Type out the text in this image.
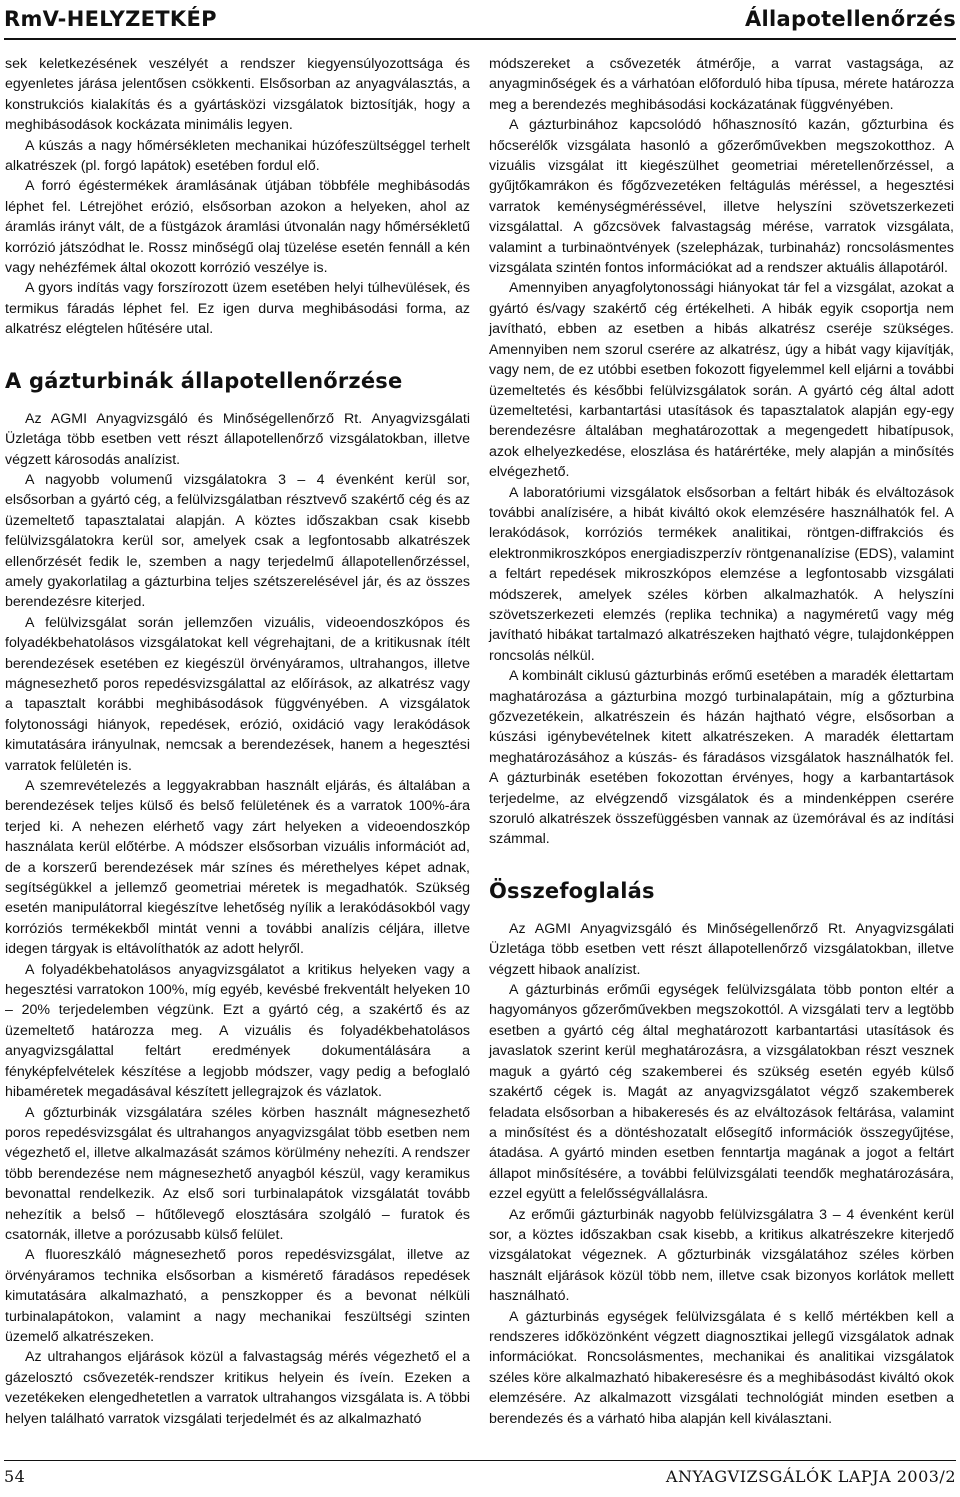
RmV-HELYZETKÉP	Állapotellenőrzés

sek keletkezésének veszélyét a rendszer kiegyensúlyozottsága és egyenletes járása jelentősen csökkenti. Elsősorban az anyagválasztás, a konstrukciós kialakítás és a gyártásközi vizsgálatok biztosítják, hogy a meghibásodások kockázata minimális legyen.

A kúszás a nagy hőmérsékleten mechanikai húzófeszültséggel terhelt alkatrészek (pl. forgó lapátok) esetében fordul elő.

A forró égéstermékek áramlásának útjában többféle meghibásodás léphet fel. Létrejöhet erózió, elsősorban azokon a helyeken, ahol az áramlás irányt vált, de a füstgázok áramlási útvonalán nagy hőmérsékletű korrózió játszódhat le. Rossz minőségű olaj tüzelése esetén fennáll a kén vagy nehézfémek által okozott korrózió veszélye is.

A gyors indítás vagy forszírozott üzem esetében helyi túlhevülések, és termikus fáradás léphet fel. Ez igen durva meghibásodási forma, az alkatrész elégtelen hűtésére utal.

A gázturbinák állapotellenőrzése

Az AGMI Anyagvizsgáló és Minőségellenőrző Rt. Anyagvizsgálati Üzletága több esetben vett részt állapotellenőrző vizsgálatokban, illetve végzett károsodás analízist.

A nagyobb volumenű vizsgálatokra 3 – 4 évenként kerül sor, elsősorban a gyártó cég, a felülvizsgálatban résztvevő szakértő cég és az üzemeltető tapasztalatai alapján. A köztes időszakban csak kisebb felülvizsgálatokra kerül sor, amelyek csak a legfontosabb alkatrészek ellenőrzését fedik le, szemben a nagy terjedelmű állapotellenőrzéssel, amely gyakorlatilag a gázturbina teljes szétszerelésével jár, és az összes berendezésre kiterjed.

A felülvizsgálat során jellemzően vizuális, videoendoszkópos és folyadékbehatolásos vizsgálatokat kell végrehajtani, de a kritikusnak ítélt berendezések esetében ez kiegészül örvényáramos, ultrahangos, illetve mágnesezhető poros repedésvizsgálattal az előírások, az alkatrész vagy a tapasztalt korábbi meghibásodások függvényében. A vizsgálatok folytonossági hiányok, repedések, erózió, oxidáció vagy lerakódások kimutatására irányulnak, nemcsak a berendezések, hanem a hegesztési varratok felületén is.

A szemrevételezés a leggyakrabban használt eljárás, és általában a berendezések teljes külső és belső felületének és a varratok 100%-ára terjed ki. A nehezen elérhető vagy zárt helyeken a videoendoszkóp használata kerül előtérbe. A módszer elsősorban vizuális információt ad, de a korszerű berendezések már színes és mérethelyes képet adnak, segítségükkel a jellemző geometriai méretek is megadhatók. Szükség esetén manipulátorral kiegészítve lehetőség nyílik a lerakódásokból vagy korróziós termékekből mintát venni a további analízis céljára, illetve idegen tárgyak is eltávolíthatók az adott helyről.

A folyadékbehatolásos anyagvizsgálatot a kritikus helyeken vagy a hegesztési varratokon 100%, míg egyéb, kevésbé frekventált helyeken 10 – 20% terjedelemben végzünk. Ezt a gyártó cég, a szakértő és az üzemeltető határozza meg. A vizuális és folyadékbehatolásos anyagvizsgálattal feltárt eredmények dokumentálására a fényképfelvételek készítése a legjobb módszer, vagy pedig a befoglaló hibaméretek megadásával készített jellegrajzok és vázlatok.

A gőzturbinák vizsgálatára széles körben használt mágnesezhető poros repedésvizsgálat és ultrahangos anyagvizsgálat több esetben nem végezhető el, illetve alkalmazását számos körülmény nehezíti. A rendszer több berendezése nem mágnesezhető anyagból készül, vagy keramikus bevonattal rendelkezik. Az első sori turbinalapátok vizsgálatát tovább nehezítik a belső – hűtőlevegő elosztására szolgáló – furatok és csatornák, illetve a porózusabb külső felület.

A fluoreszkáló mágnesezhető poros repedésvizsgálat, illetve az örvényáramos technika elsősorban a kismérető fáradásos repedések kimutatására alkalmazható, a penszkopper és a bevonat nélküli turbinalapátokon, valamint a nagy mechanikai feszültségi szinten üzemelő alkatrészeken.

Az ultrahangos eljárások közül a falvastagság mérés végezhető el a gázelosztó csővezeték-rendszer kritikus helyein és íveín. Ezeken a vezetékeken elengedhetetlen a varratok ultrahangos vizsgálata is. A többi helyen található varratok vizsgálati terjedelmét és az alkalmazható

módszereket a csővezeték átmérője, a varrat vastagsága, az anyagminőségek és a várhatóan előforduló hiba típusa, mérete határozza meg a berendezés meghibásodási kockázatának függvényében.

A gázturbinához kapcsolódó hőhasznosító kazán, gőzturbina és hőcserélők vizsgálata hasonló a gőzerőművekben megszokotthoz. A vizuális vizsgálat itt kiegészülhet geometriai méretellenőrzéssel, a gyűjtőkamrákon és főgőzvezetéken feltágulás méréssel, a hegesztési varratok keménységméréssével, illetve helyszíni szövetszerkezeti vizsgálattal. A gőzcsövek falvastagság mérése, varratok vizsgálata, valamint a turbinaöntvények (szelepházak, turbinaház) roncsolásmentes vizsgálata szintén fontos információkat ad a rendszer aktuális állapotáról.

Amennyiben anyagfolytonossági hiányokat tár fel a vizsgálat, azokat a gyártó és/vagy szakértő cég értékelheti. A hibák egyik csoportja nem javítható, ebben az esetben a hibás alkatrész cseréje szükséges. Amennyiben nem szorul cserére az alkatrész, úgy a hibát vagy kijavítják, vagy nem, de ez utóbbi esetben fokozott figyelemmel kell eljárni a további üzemeltetés és későbbi felülvizsgálatok során. A gyártó cég által adott üzemeltetési, karbantartási utasítások és tapasztalatok alapján egy-egy berendezésre általában meghatározottak a megengedett hibatípusok, azok elhelyezkedése, eloszlása és határértéke, mely alapján a minősítés elvégezhető.

A laboratóriumi vizsgálatok elsősorban a feltárt hibák és elváltozások további analízisére, a hibát kiváltó okok elemzésére használhatók fel. A lerakódások, korróziós termékek analitikai, röntgen-diffrakciós és elektronmikroszkópos energiadiszperzív röntgenanalízise (EDS), valamint a feltárt repedések mikroszkópos elemzése a legfontosabb vizsgálati módszerek, amelyek széles körben alkalmazhatók. A helyszíni szövetszerkezeti elemzés (replika technika) a nagyméretű vagy még javítható hibákat tartalmazó alkatrészeken hajtható végre, tulajdonképpen roncsolás nélkül.

A kombinált ciklusú gázturbinás erőmű esetében a maradék élettartam maghatározása a gázturbina mozgó turbinalapátain, míg a gőzturbina gőzvezetékein, alkatrészein és házán hajtható végre, elsősorban a kúszási igénybevételnek kitett alkatrészeken. A maradék élettartam meghatározásához a kúszás- és fáradásos vizsgálatok használhatók fel. A gázturbinák esetében fokozottan érvényes, hogy a karbantartások terjedelme, az elvégzendő vizsgálatok és a mindenképpen cserére szoruló alkatrészek összefüggésben vannak az üzemórával és az indítási számmal.

Összefoglalás

Az AGMI Anyagvizsgáló és Minőségellenőrző Rt. Anyagvizsgálati Üzletága több esetben vett részt állapotellenőrző vizsgálatokban, illetve végzett hibaok analízist.

A gázturbinás erőműi egységek felülvizsgálata több ponton eltér a hagyományos gőzerőművekben megszokottól. A vizsgálati terv a legtöbb esetben a gyártó cég által meghatározott karbantartási utasítások és javaslatok szerint kerül meghatározásra, a vizsgálatokban részt vesznek maguk a gyártó cég szakemberei és szükség esetén egyéb külső szakértő cégek is. Magát az anyagvizsgálatot végző szakemberek feladata elsősorban a hibakeresés és az elváltozások feltárása, valamint a minősítést és a döntéshozatalt elősegítő információk összegyűjtése, átadása. A gyártó minden esetben fenntartja magának a jogot a feltárt állapot minősítésére, a további felülvizsgálati teendők meghatározására, ezzel együtt a felelősségvállalásra.

Az erőműi gázturbinák nagyobb felülvizsgálatra 3 – 4 évenként kerül sor, a köztes időszakban csak kisebb, a kritikus alkatrészekre kiterjedő vizsgálatokat végeznek. A gőzturbinák vizsgálatához széles körben használt eljárások közül több nem, illetve csak bizonyos korlátok mellett használható.

A gázturbinás egységek felülvizsgálata é s kellő mértékben kell a rendszeres időközönként végzett diagnosztikai jellegű vizsgálatok adnak információkat. Roncsolásmentes, mechanikai és analitikai vizsgálatok széles köre alkalmazható hibakeresésre és a meghibásodást kiváltó okok elemzésére. Az alkalmazott vizsgálati technológiát minden esetben a berendezés és a várható hiba alapján kell kiválasztani.

54	ANYAGVIZSGÁLÓK LAPJA 2003/2
